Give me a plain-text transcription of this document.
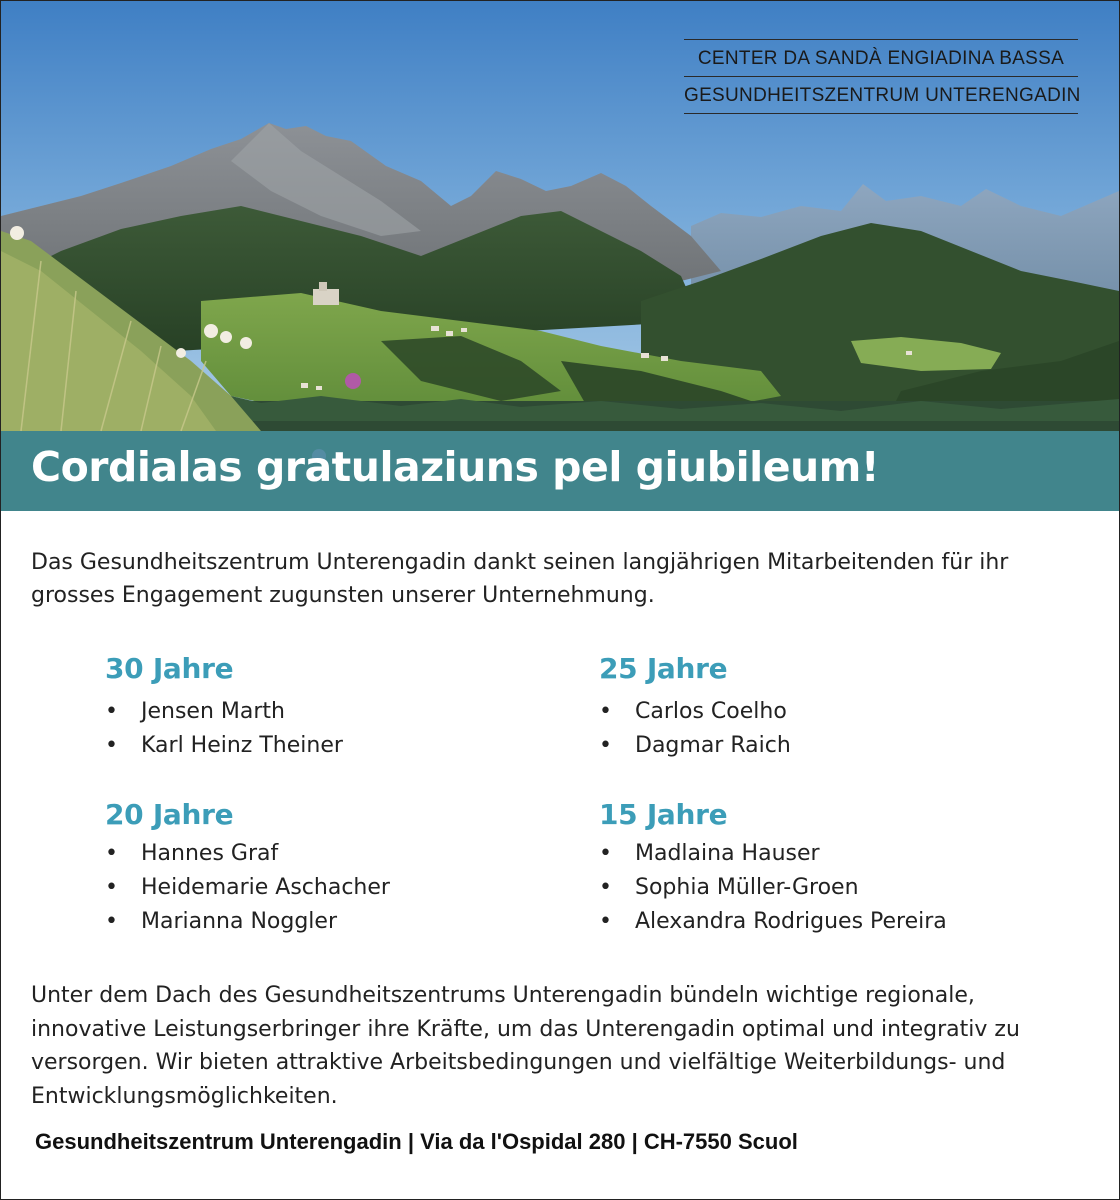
CENTER DA SANDÀ ENGIADINA BASSA
GESUNDHEITSZENTRUM UNTERENGADIN
Cordialas gratulaziuns pel giubileum!
Das Gesundheitszentrum Unterengadin dankt seinen langjährigen Mitarbeitenden für ihr grosses Engagement zugunsten unserer Unternehmung.
30 Jahre
• Jensen Marth
• Karl Heinz Theiner
25 Jahre
• Carlos Coelho
• Dagmar Raich
20 Jahre
• Hannes Graf
• Heidemarie Aschacher
• Marianna Noggler
15 Jahre
• Madlaina Hauser
• Sophia Müller-Groen
• Alexandra Rodrigues Pereira
Unter dem Dach des Gesundheitszentrums Unterengadin bündeln wichtige regionale, innovative Leistungserbringer ihre Kräfte, um das Unterengadin optimal und integrativ zu versorgen. Wir bieten attraktive Arbeitsbedingungen und vielfältige Weiterbildungs- und Entwicklungsmöglichkeiten.
Gesundheitszentrum Unterengadin | Via da l'Ospidal 280 | CH-7550 Scuol
